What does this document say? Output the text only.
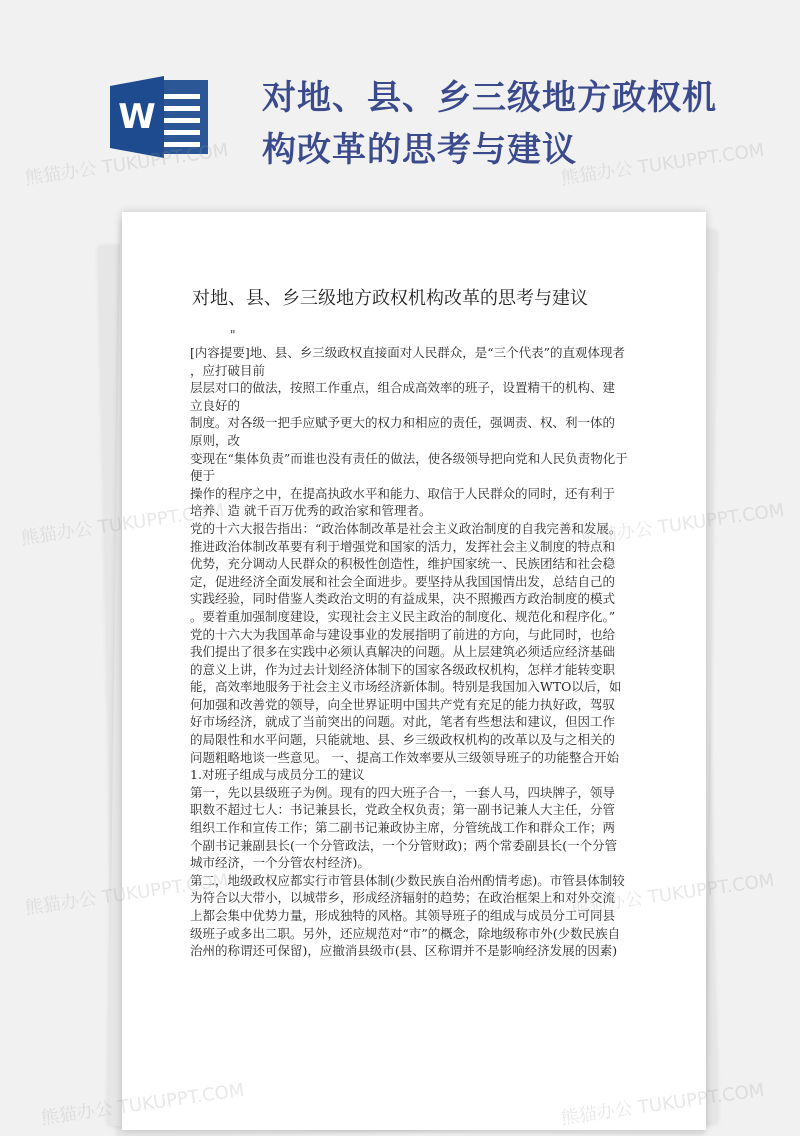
W	对地、县、乡三级地方政权机
构改革的思考与建议
对地、县、乡三级地方政权机构改革的思考与建议
"

[内容提要]地、县、乡三级政权直接面对人民群众，是“三个代表”的直观体现者

，应打破目前

层层对口的做法，按照工作重点，组合成高效率的班子，设置精干的机构、建

立良好的

制度。对各级一把手应赋予更大的权力和相应的责任，强调责、权、利一体的

原则，改

变现在“集体负责”而谁也没有责任的做法，使各级领导把向党和人民负责物化于

便于

操作的程序之中，在提高执政水平和能力、取信于人民群众的同时，还有利于

培养、造 就千百万优秀的政治家和管理者。

党的十六大报告指出：“政治体制改革是社会主义政治制度的自我完善和发展。

推进政治体制改革要有利于增强党和国家的活力，发挥社会主义制度的特点和

优势，充分调动人民群众的积极性创造性，维护国家统一、民族团结和社会稳

定，促进经济全面发展和社会全面进步。要坚持从我国国情出发，总结自己的

实践经验，同时借鉴人类政治文明的有益成果，决不照搬西方政治制度的模式

。要着重加强制度建设，实现社会主义民主政治的制度化、规范化和程序化。”

党的十六大为我国革命与建设事业的发展指明了前进的方向，与此同时，也给

我们提出了很多在实践中必须认真解决的问题。从上层建筑必须适应经济基础

的意义上讲，作为过去计划经济体制下的国家各级政权机构，怎样才能转变职

能，高效率地服务于社会主义市场经济新体制。特别是我国加入WTO以后，如

何加强和改善党的领导，向全世界证明中国共产党有充足的能力执好政，驾驭

好市场经济，就成了当前突出的问题。对此，笔者有些想法和建议，但因工作

的局限性和水平问题，只能就地、县、乡三级政权机构的改革以及与之相关的

问题粗略地谈一些意见。 一、提高工作效率要从三级领导班子的功能整合开始

1.对班子组成与成员分工的建议

第一，先以县级班子为例。现有的四大班子合一，一套人马，四块牌子，领导

职数不超过七人：书记兼县长，党政全权负责；第一副书记兼人大主任，分管

组织工作和宣传工作；第二副书记兼政协主席，分管统战工作和群众工作；两

个副书记兼副县长(一个分管政法，一个分管财政)；两个常委副县长(一个分管

城市经济，一个分管农村经济)。

第二，地级政权应都实行市管县体制(少数民族自治州酌情考虑)。市管县体制较

为符合以大带小，以城带乡，形成经济辐射的趋势；在政治框架上和对外交流

上都会集中优势力量，形成独特的风格。其领导班子的组成与成员分工可同县

级班子或多出二职。另外，还应规范对“市”的概念，除地级称市外(少数民族自

治州的称谓还可保留)，应撤消县级市(县、区称谓并不是影响经济发展的因素)

熊猫办公 TUKUPPT.COM	熊猫办公 TUKUPPT.COM
熊猫办公 TUKUPPT.COM	熊猫办公 TUKUPPT.COM
熊猫办公 TUKUPPT.COM	熊猫办公 TUKUPPT.COM
熊猫办公 TUKUPPT.COM	熊猫办公 TUKUPPT.COM
